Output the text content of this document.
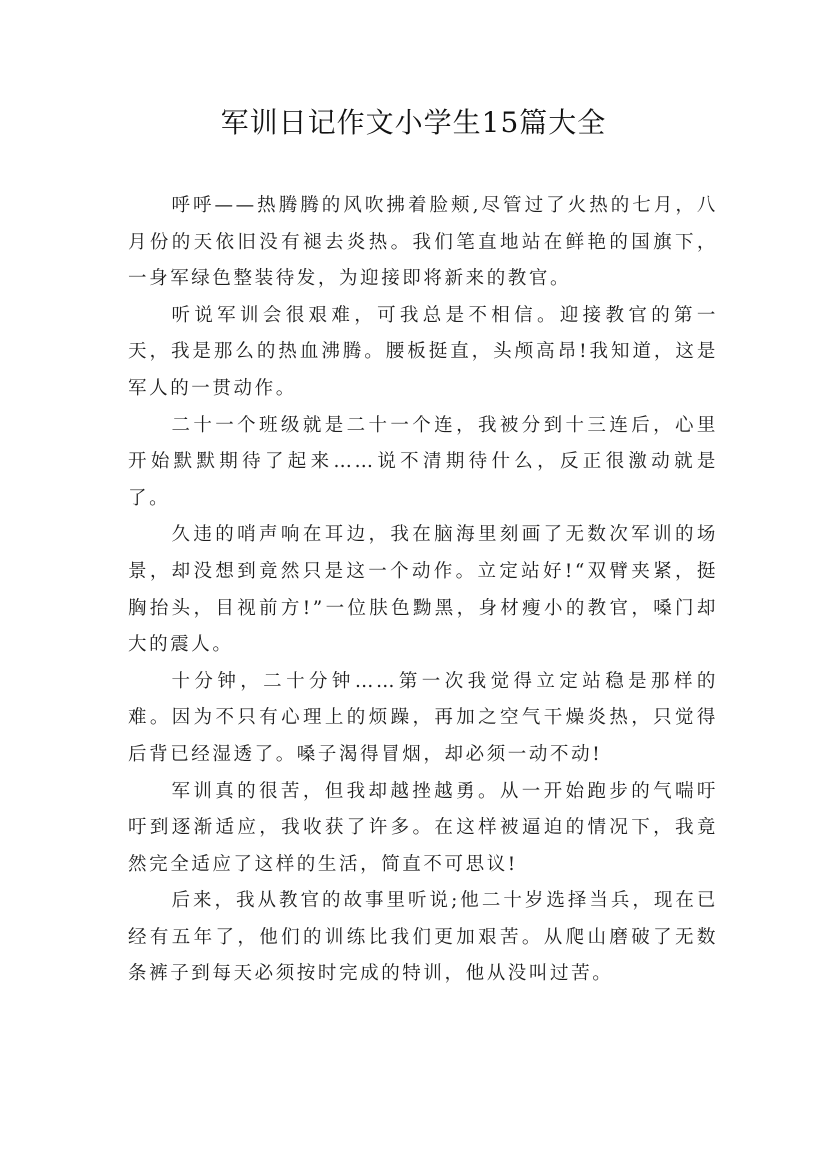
军训日记作文小学生15篇大全

呼呼——热腾腾的风吹拂着脸颊,尽管过了火热的七月，八月份的天依旧没有褪去炎热。我们笔直地站在鲜艳的国旗下，一身军绿色整装待发，为迎接即将新来的教官。

听说军训会很艰难，可我总是不相信。迎接教官的第一天，我是那么的热血沸腾。腰板挺直，头颅高昂!我知道，这是军人的一贯动作。

二十一个班级就是二十一个连，我被分到十三连后，心里开始默默期待了起来……说不清期待什么，反正很激动就是了。

久违的哨声响在耳边，我在脑海里刻画了无数次军训的场景，却没想到竟然只是这一个动作。立定站好!“双臂夹紧，挺胸抬头，目视前方!”一位肤色黝黑，身材瘦小的教官，嗓门却大的震人。

十分钟，二十分钟……第一次我觉得立定站稳是那样的难。因为不只有心理上的烦躁，再加之空气干燥炎热，只觉得后背已经湿透了。嗓子渴得冒烟，却必须一动不动!

军训真的很苦，但我却越挫越勇。从一开始跑步的气喘吁吁到逐渐适应，我收获了许多。在这样被逼迫的情况下，我竟然完全适应了这样的生活，简直不可思议!

后来，我从教官的故事里听说;他二十岁选择当兵，现在已经有五年了，他们的训练比我们更加艰苦。从爬山磨破了无数条裤子到每天必须按时完成的特训，他从没叫过苦。
